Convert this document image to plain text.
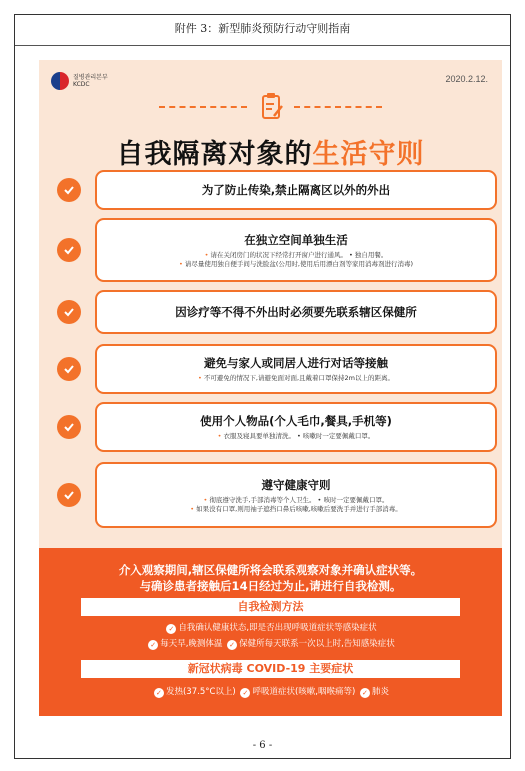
附件 3：新型肺炎预防行动守则指南
질병관리본부
KCDC
2020.2.12.
自我隔离对象的生活守则
为了防止传染,禁止隔离区以外的外出
在独立空间单独生活
• 请在关闭房门的状况下经常打开窗户进行通风。 • 独自用餐。
• 请尽量使用独自便手间与洗脸盆(公用时,使用后用漂白剂等家用消毒剂进行消毒)
因诊疗等不得不外出时必须要先联系辖区保健所
避免与家人或同居人进行对话等接触
• 不可避免的情况下,请避免面对面,且戴着口罩保持2m以上的距离。
使用个人物品(个人毛巾,餐具,手机等)
• 衣服及寝具要单独清洗。 • 咳嗽时一定要佩戴口罩。
遵守健康守则
• 彻底遵守洗手,手部消毒等个人卫生。 • 咳时一定要佩戴口罩。
• 如果没有口罩,则用袖子遮挡口鼻后咳嗽,咳嗽后要洗手并进行手部消毒。
介入观察期间,辖区保健所将会联系观察对象并确认症状等。
与确诊患者接触后14日经过为止,请进行自我检测。
自我检测方法
✓ 自我确认健康状态,即是否出现呼吸道症状等感染症状
✓ 每天早,晚测体温 ✓ 保健所每天联系一次以上时,告知感染症状
新冠状病毒 COVID-19 主要症状
✓ 发热(37.5°C以上) ✓ 呼吸道症状(咳嗽,咽喉痛等) ✓ 肺炎
- 6 -
